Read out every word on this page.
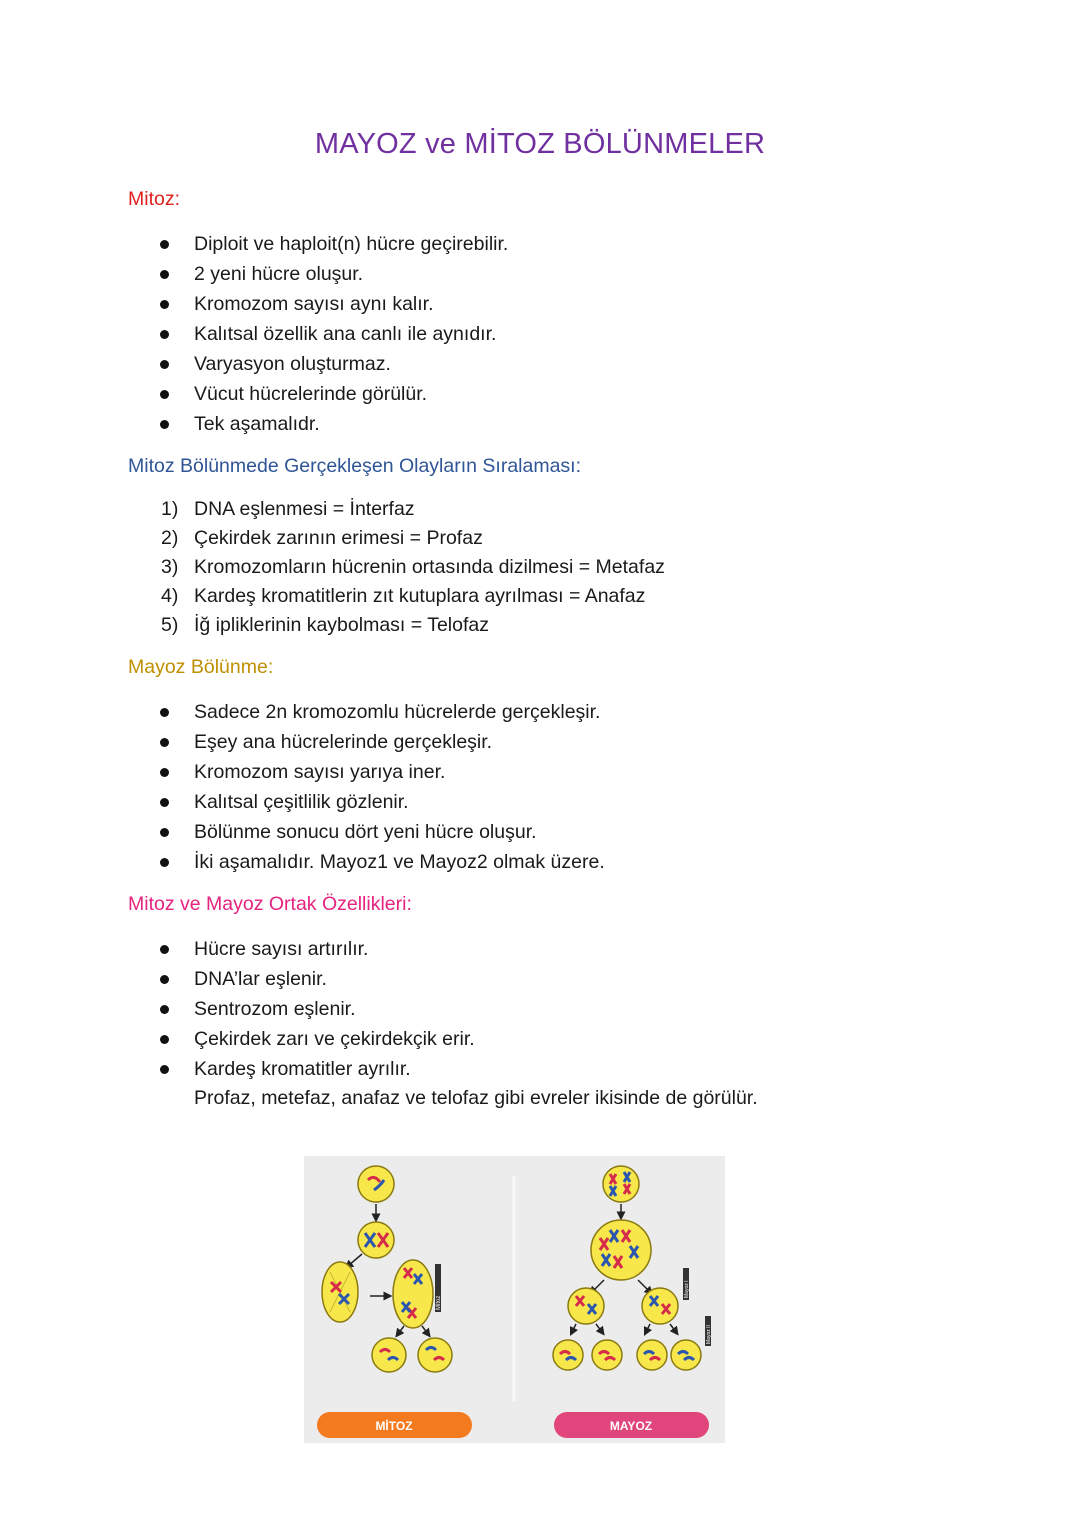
MAYOZ ve MİTOZ BÖLÜNMELER
Mitoz:
Diploit ve haploit(n) hücre geçirebilir.
2 yeni hücre oluşur.
Kromozom sayısı aynı kalır.
Kalıtsal özellik ana canlı ile aynıdır.
Varyasyon oluşturmaz.
Vücut hücrelerinde görülür.
Tek aşamalıdr.
Mitoz Bölünmede Gerçekleşen Olayların Sıralaması:
1) DNA eşlenmesi = İnterfaz
2) Çekirdek zarının erimesi = Profaz
3) Kromozomların hücrenin ortasında dizilmesi = Metafaz
4) Kardeş kromatitlerin zıt kutuplara ayrılması = Anafaz
5) İğ ipliklerinin kaybolması = Telofaz
Mayoz Bölünme:
Sadece 2n kromozomlu hücrelerde gerçekleşir.
Eşey ana hücrelerinde gerçekleşir.
Kromozom sayısı yarıya iner.
Kalıtsal çeşitlilik gözlenir.
Bölünme sonucu dört yeni hücre oluşur.
İki aşamalıdır. Mayoz1 ve Mayoz2 olmak üzere.
Mitoz ve Mayoz Ortak Özellikleri:
Hücre sayısı artırılır.
DNA’lar eşlenir.
Sentrozom eşlenir.
Çekirdek zarı ve çekirdekçik erir.
Kardeş kromatitler ayrılır.
Profaz, metefaz, anafaz ve telofaz gibi evreler ikisinde de görülür.
MİTOZ
Mitoz
Mayoz I
Mayoz II
MAYOZ
